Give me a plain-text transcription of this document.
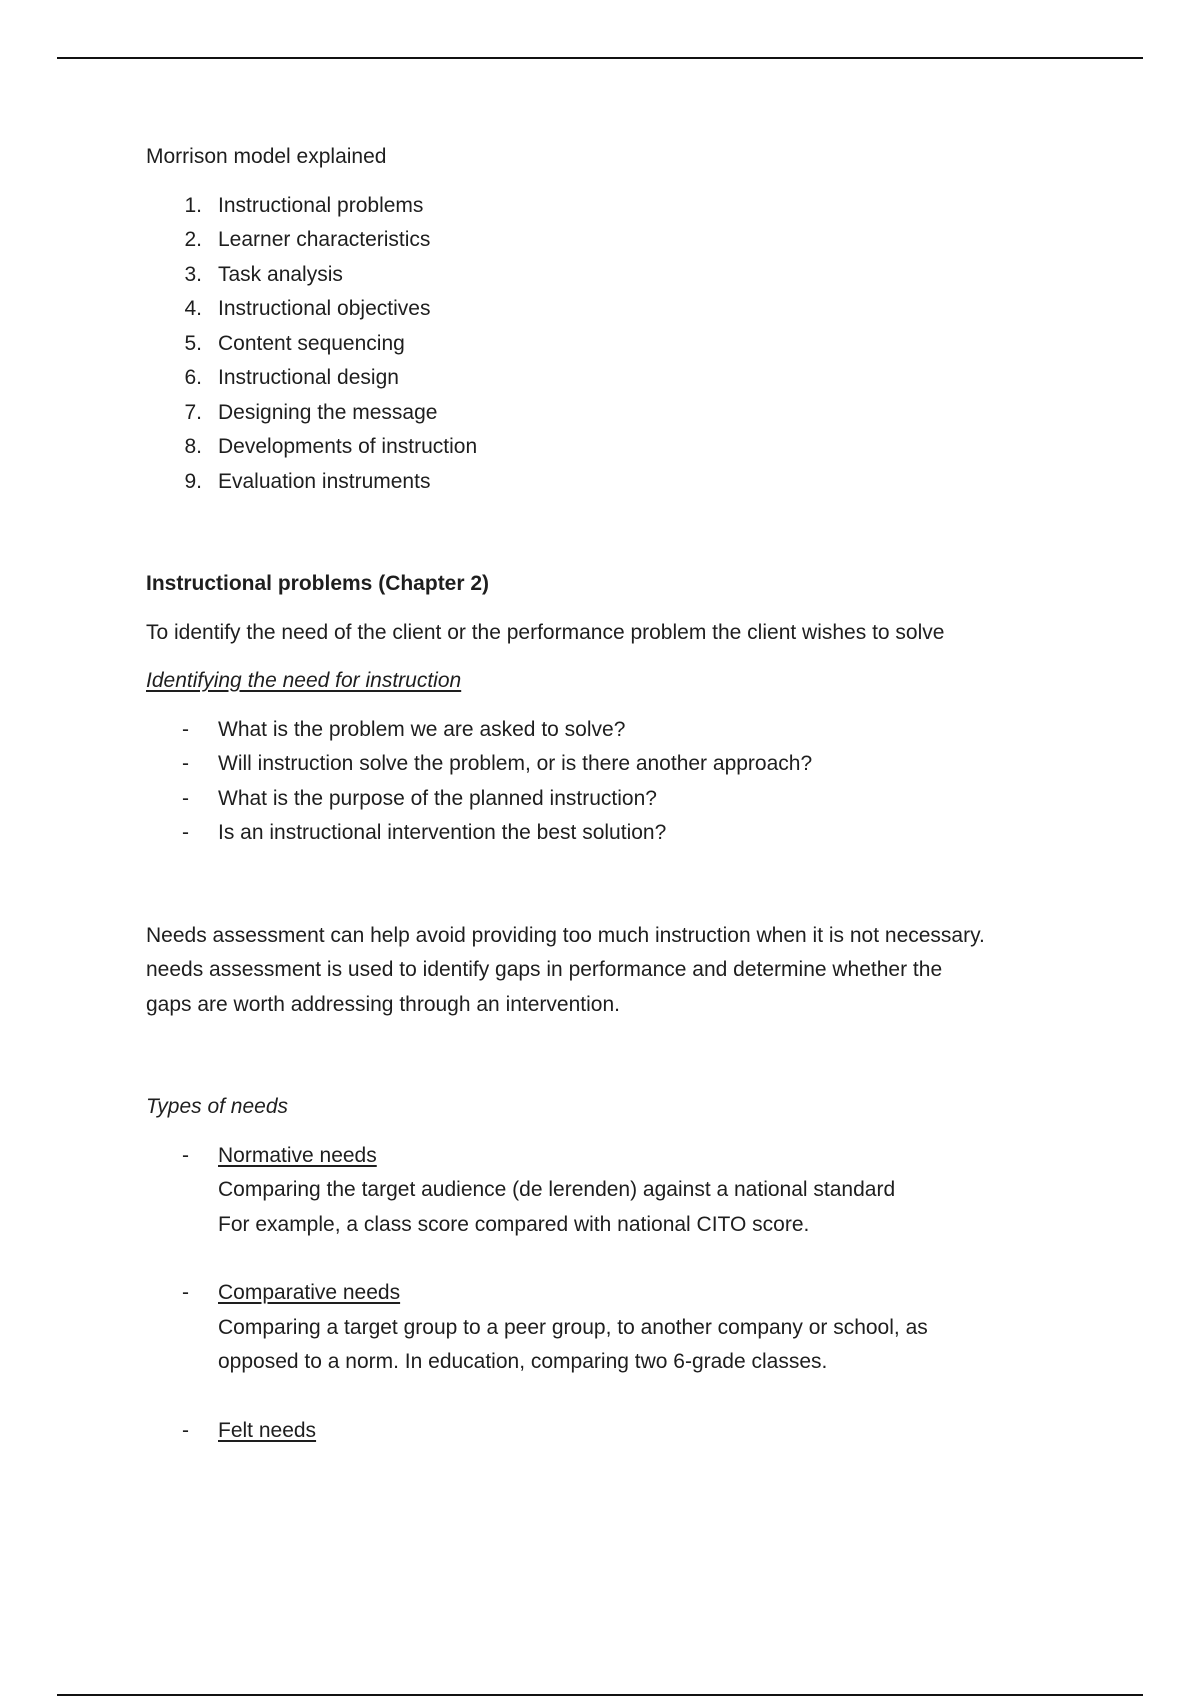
Morrison model explained

1. Instructional problems
2. Learner characteristics
3. Task analysis
4. Instructional objectives
5. Content sequencing
6. Instructional design
7. Designing the message
8. Developments of instruction
9. Evaluation instruments

Instructional problems (Chapter 2)

To identify the need of the client or the performance problem the client wishes to solve

Identifying the need for instruction

- What is the problem we are asked to solve?
- Will instruction solve the problem, or is there another approach?
- What is the purpose of the planned instruction?
- Is an instructional intervention the best solution?

Needs assessment can help avoid providing too much instruction when it is not necessary.

needs assessment is used to identify gaps in performance and determine whether the

gaps are worth addressing through an intervention.

Types of needs

- Normative needs
Comparing the target audience (de lerenden) against a national standard
For example, a class score compared with national CITO score.
- Comparative needs
Comparing a target group to a peer group, to another company or school, as
opposed to a norm. In education, comparing two 6-grade classes.
- Felt needs
